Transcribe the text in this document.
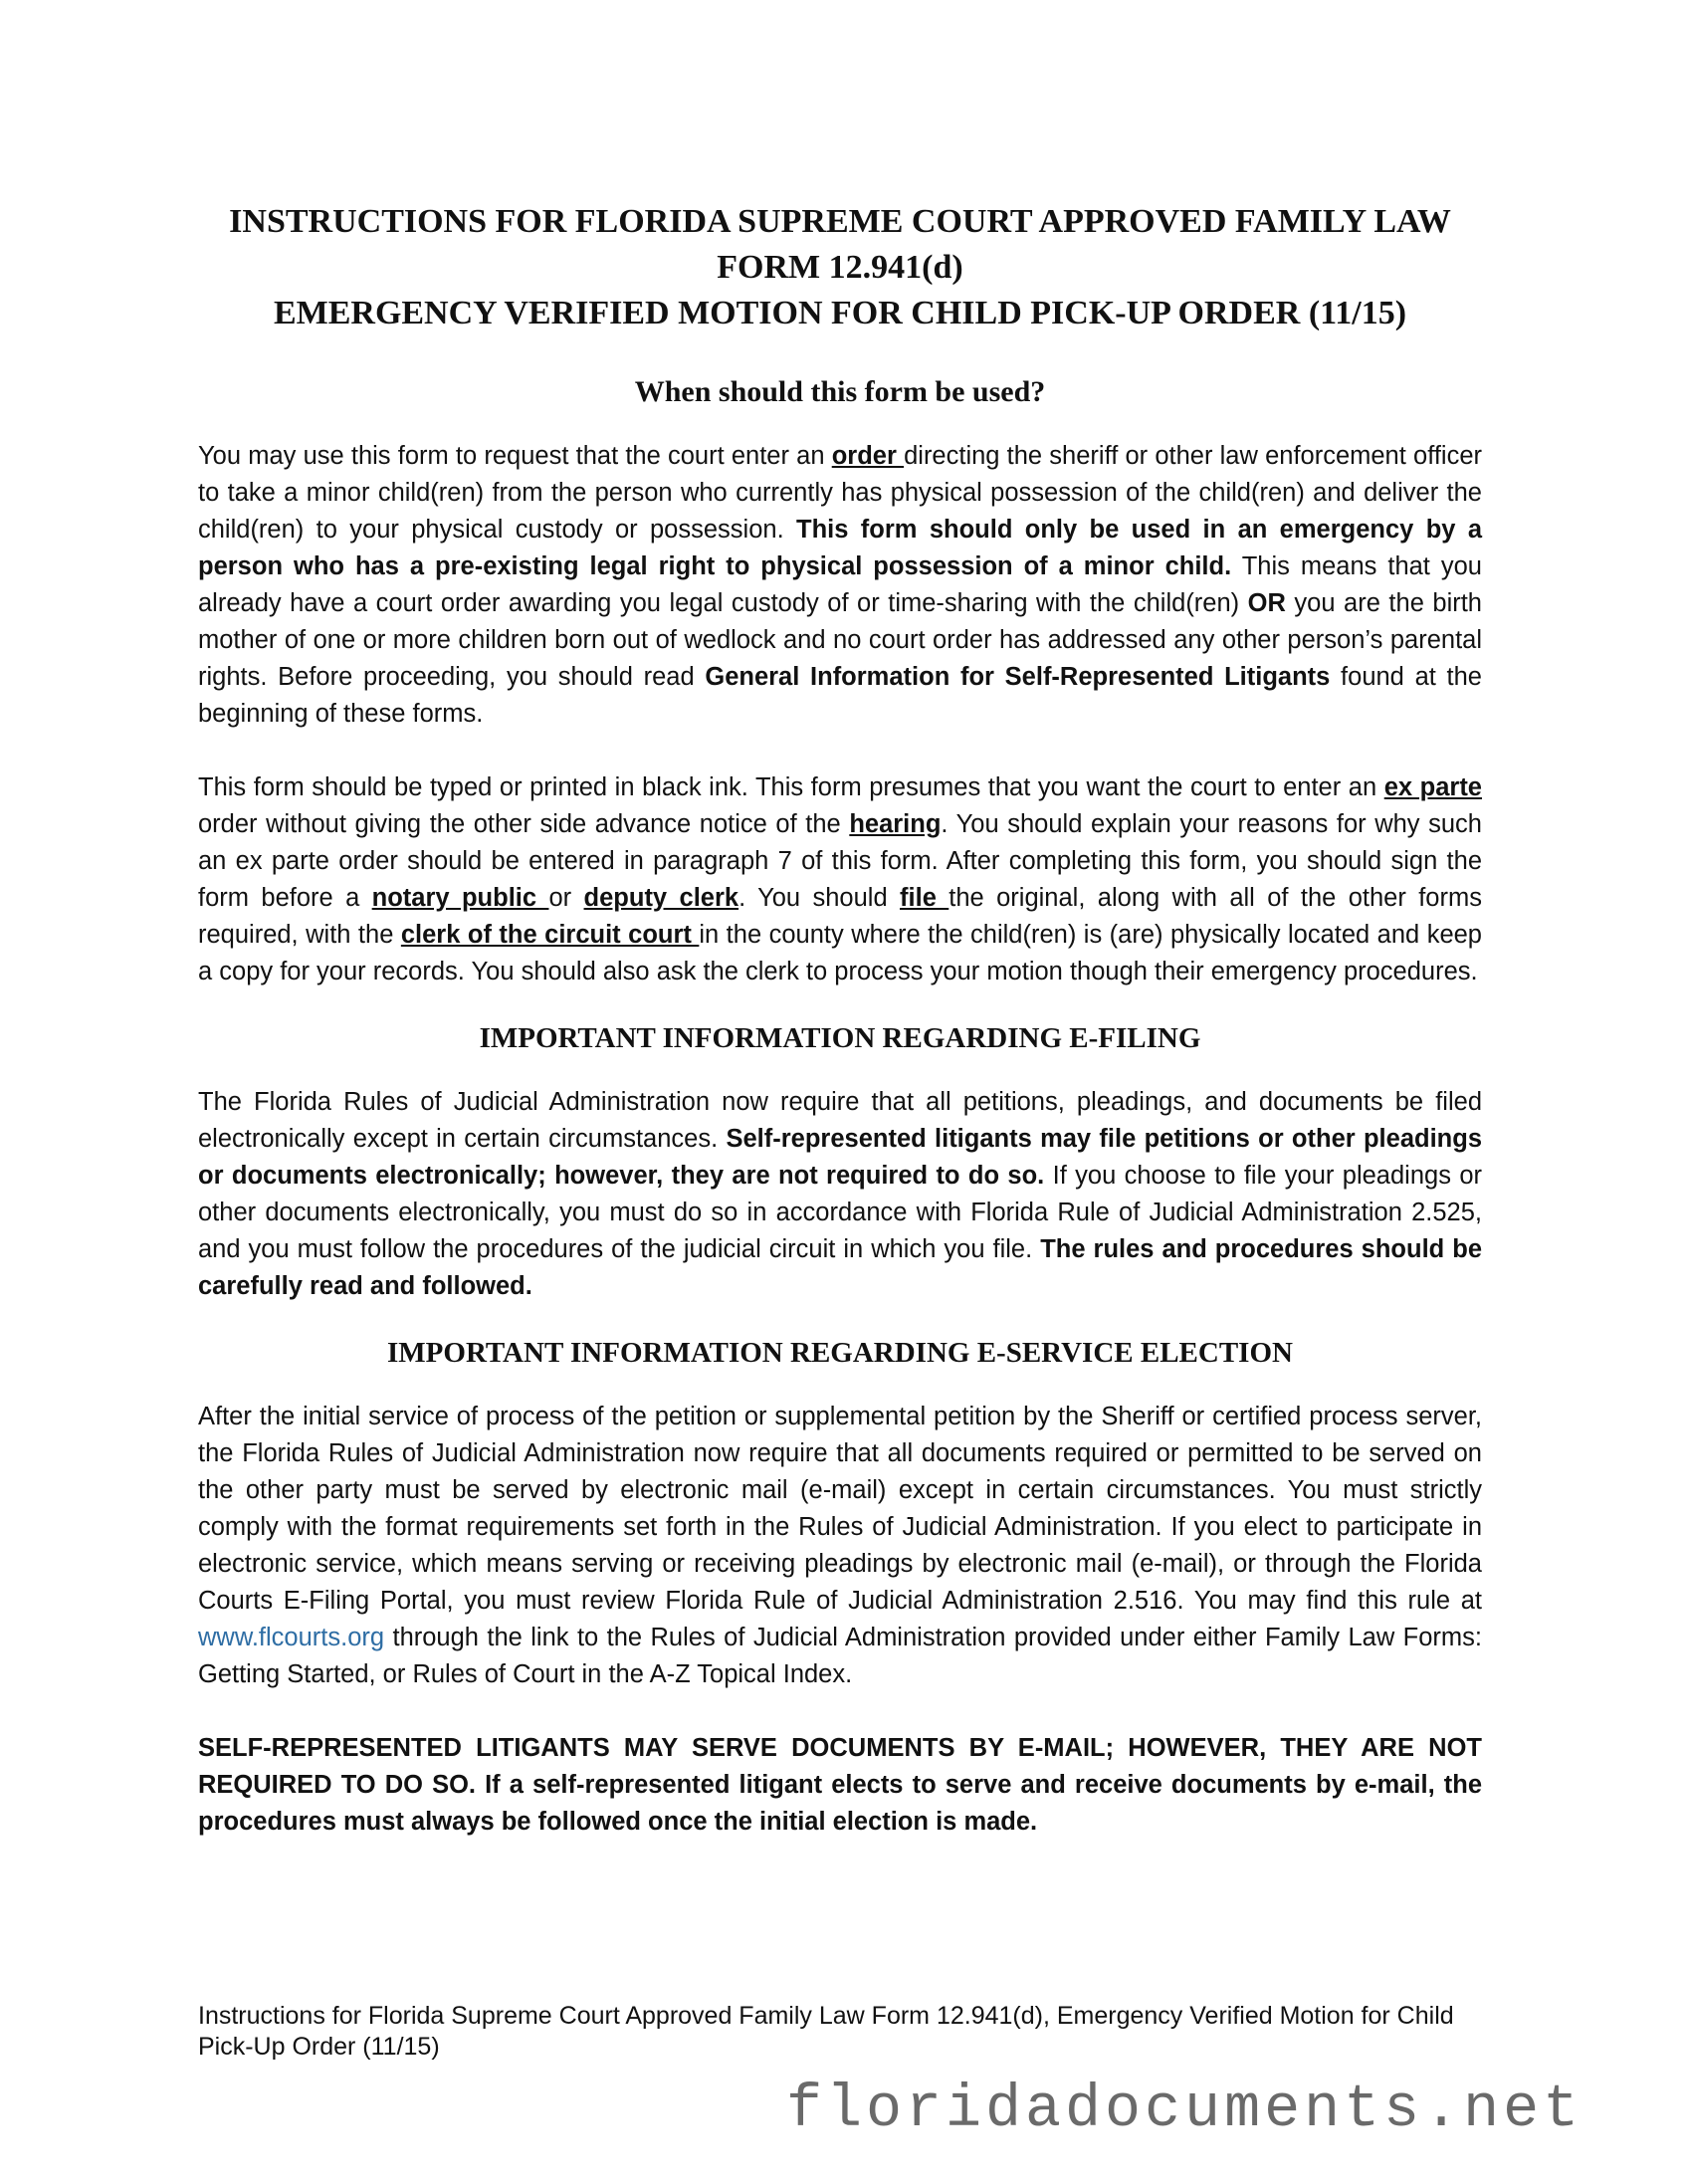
INSTRUCTIONS FOR FLORIDA SUPREME COURT APPROVED FAMILY LAW
FORM 12.941(d)
EMERGENCY VERIFIED MOTION FOR CHILD PICK-UP ORDER (11/15)
When should this form be used?

You may use this form to request that the court enter an order directing the sheriff or other law enforcement officer to take a minor child(ren) from the person who currently has physical possession of the child(ren) and deliver the child(ren) to your physical custody or possession. This form should only be used in an emergency by a person who has a pre-existing legal right to physical possession of a minor child. This means that you already have a court order awarding you legal custody of or time-sharing with the child(ren) OR you are the birth mother of one or more children born out of wedlock and no court order has addressed any other person’s parental rights. Before proceeding, you should read General Information for Self-Represented Litigants found at the beginning of these forms.

This form should be typed or printed in black ink. This form presumes that you want the court to enter an ex parte order without giving the other side advance notice of the hearing. You should explain your reasons for why such an ex parte order should be entered in paragraph 7 of this form. After completing this form, you should sign the form before a notary public or deputy clerk. You should file the original, along with all of the other forms required, with the clerk of the circuit court in the county where the child(ren) is (are) physically located and keep a copy for your records. You should also ask the clerk to process your motion though their emergency procedures.

IMPORTANT INFORMATION REGARDING E-FILING

The Florida Rules of Judicial Administration now require that all petitions, pleadings, and documents be filed electronically except in certain circumstances. Self-represented litigants may file petitions or other pleadings or documents electronically; however, they are not required to do so. If you choose to file your pleadings or other documents electronically, you must do so in accordance with Florida Rule of Judicial Administration 2.525, and you must follow the procedures of the judicial circuit in which you file. The rules and procedures should be carefully read and followed.

IMPORTANT INFORMATION REGARDING E-SERVICE ELECTION

After the initial service of process of the petition or supplemental petition by the Sheriff or certified process server, the Florida Rules of Judicial Administration now require that all documents required or permitted to be served on the other party must be served by electronic mail (e-mail) except in certain circumstances. You must strictly comply with the format requirements set forth in the Rules of Judicial Administration. If you elect to participate in electronic service, which means serving or receiving pleadings by electronic mail (e-mail), or through the Florida Courts E-Filing Portal, you must review Florida Rule of Judicial Administration 2.516. You may find this rule at www.flcourts.org through the link to the Rules of Judicial Administration provided under either Family Law Forms: Getting Started, or Rules of Court in the A-Z Topical Index.

SELF-REPRESENTED LITIGANTS MAY SERVE DOCUMENTS BY E-MAIL; HOWEVER, THEY ARE NOT REQUIRED TO DO SO. If a self-represented litigant elects to serve and receive documents by e-mail, the procedures must always be followed once the initial election is made.

Instructions for Florida Supreme Court Approved Family Law Form 12.941(d), Emergency Verified Motion for Child Pick-Up Order (11/15)

floridadocuments.net
